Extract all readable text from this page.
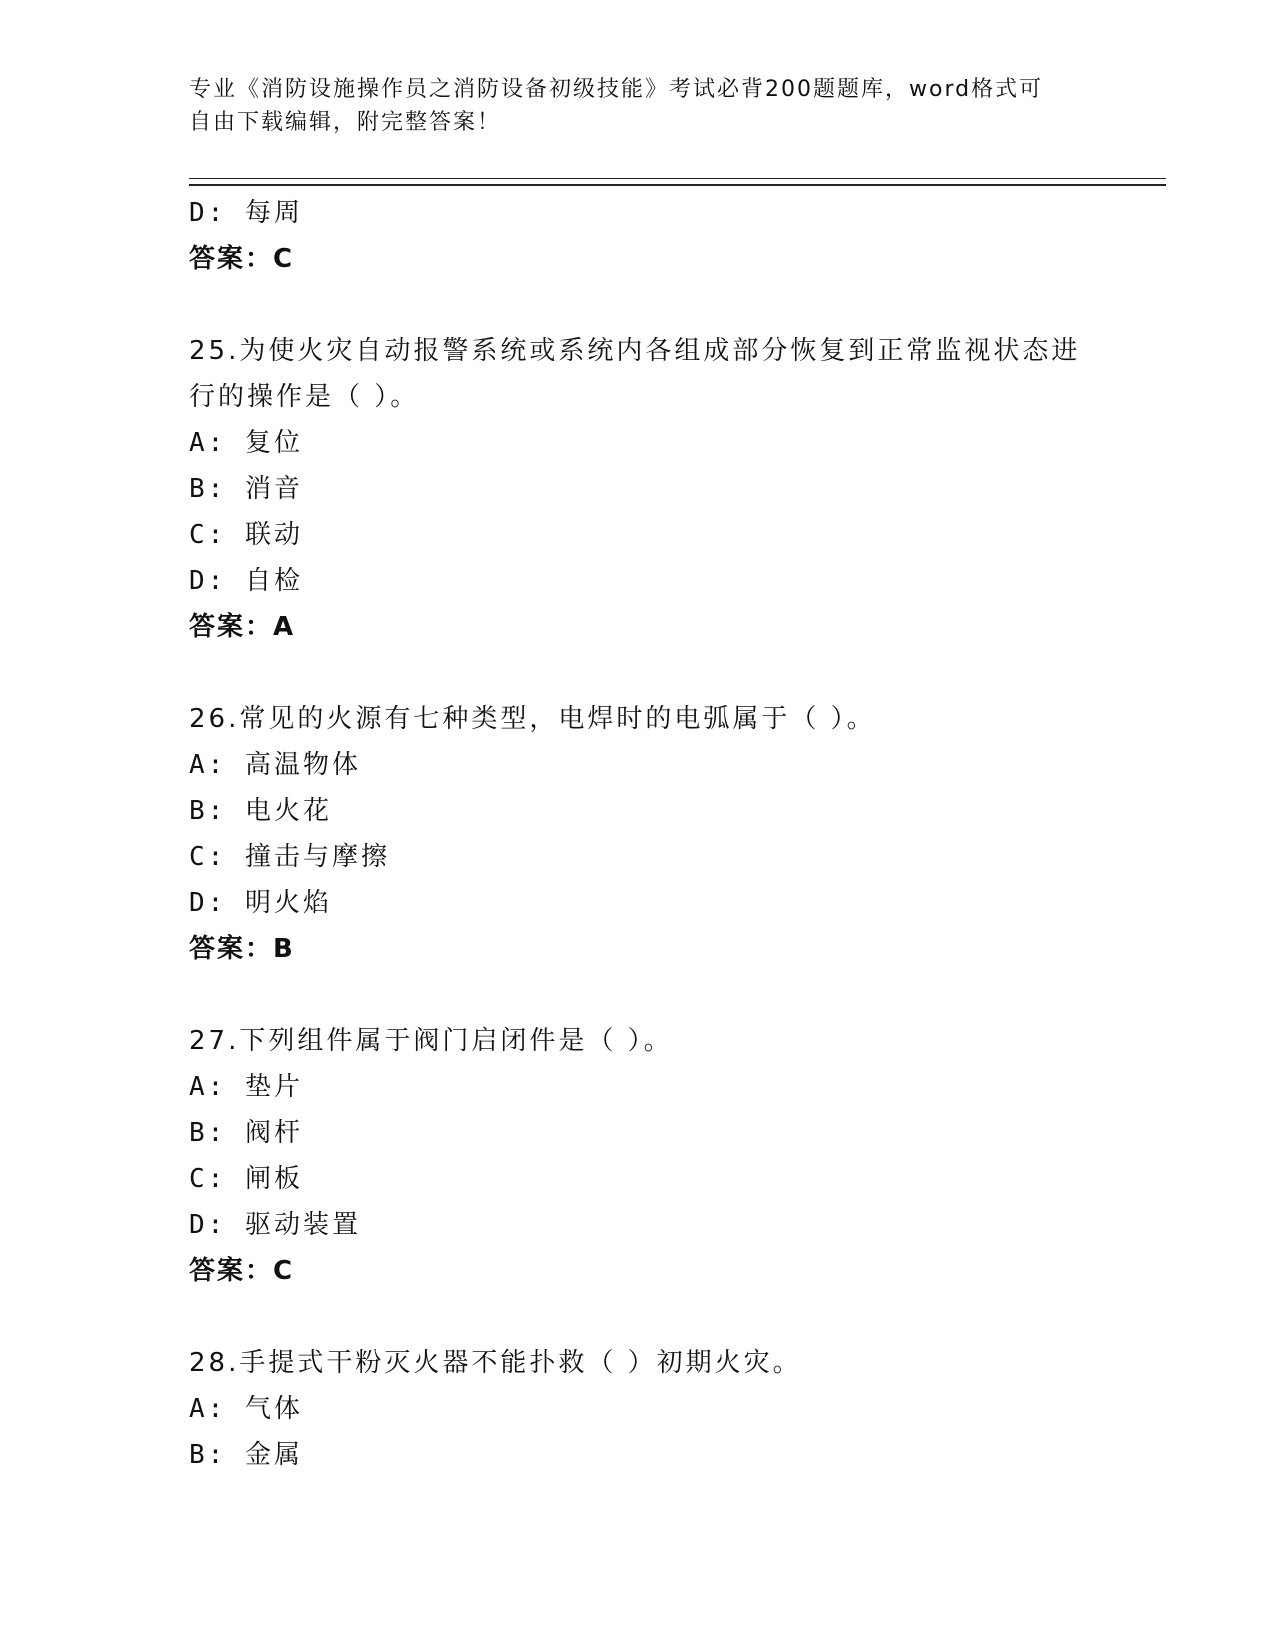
专业《消防设施操作员之消防设备初级技能》考试必背200题题库，word格式可
自由下载编辑，附完整答案！
D: 每周
答案：C
25.为使火灾自动报警系统或系统内各组成部分恢复到正常监视状态进
行的操作是（ ）。
A: 复位
B: 消音
C: 联动
D: 自检
答案：A
26.常见的火源有七种类型，电焊时的电弧属于（ ）。
A: 高温物体
B: 电火花
C: 撞击与摩擦
D: 明火焰
答案：B
27.下列组件属于阀门启闭件是（ ）。
A: 垫片
B: 阀杆
C: 闸板
D: 驱动装置
答案：C
28.手提式干粉灭火器不能扑救（ ）初期火灾。
A: 气体
B: 金属
